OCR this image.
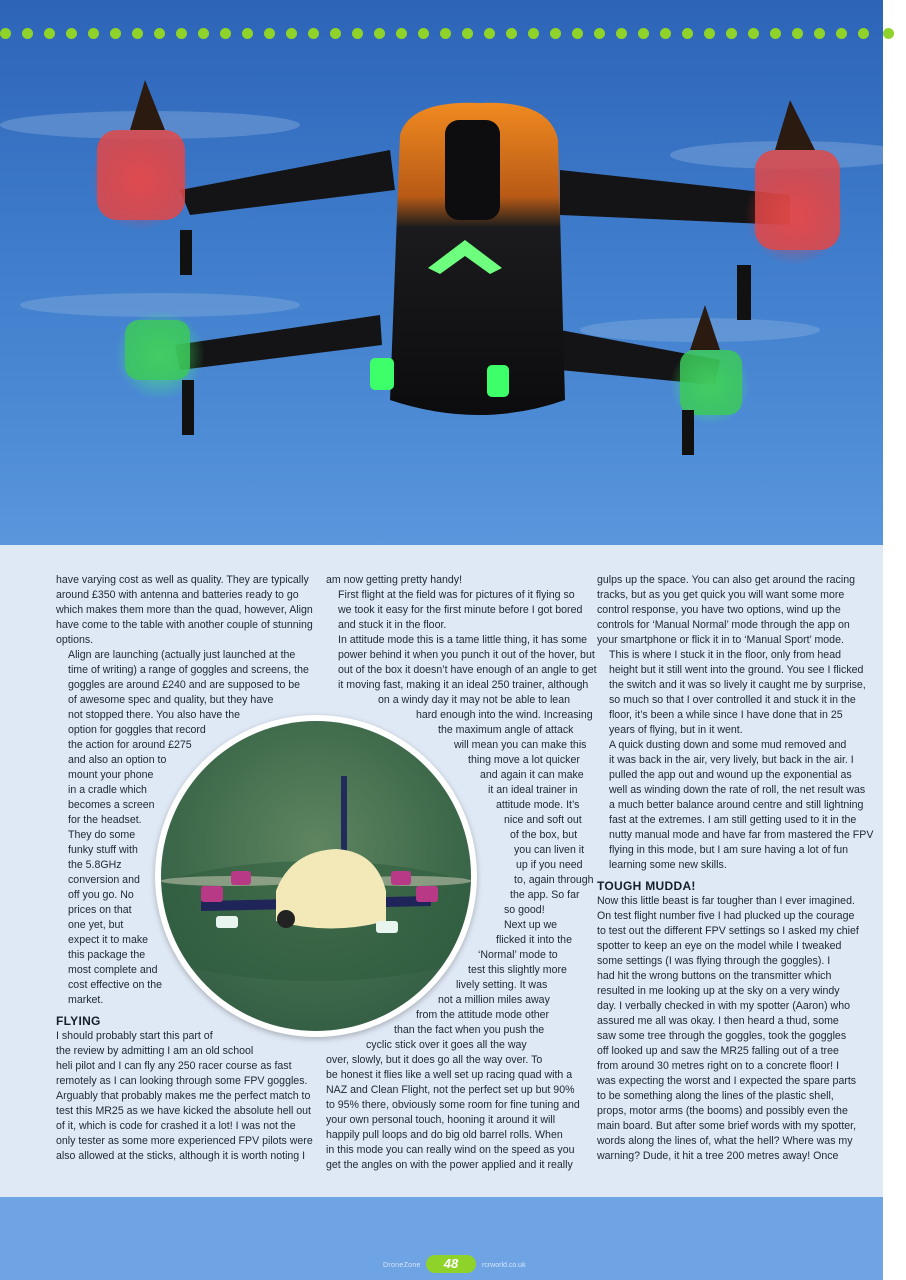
have varying cost as well as quality. They are typically
around £350 with antenna and batteries ready to go
which makes them more than the quad, however, Align
have come to the table with another couple of stunning
options.

Align are launching (actually just launched at the
time of writing) a range of goggles and screens, the
goggles are around £240 and are supposed to be
of awesome spec and quality, but they have
not stopped there. You also have the
option for goggles that record
the action for around £275
and also an option to
mount your phone
in a cradle which
becomes a screen
for the headset.
They do some
funky stuff with
the 5.8GHz
conversion and
off you go. No
prices on that
one yet, but
expect it to make
this package the
most complete and
cost effective on the
market.

FLYING

I should probably start this part of
the review by admitting I am an old school
heli pilot and I can fly any 250 racer course as fast
remotely as I can looking through some FPV goggles.
Arguably that probably makes me the perfect match to
test this MR25 as we have kicked the absolute hell out
of it, which is code for crashed it a lot! I was not the
only tester as some more experienced FPV pilots were
also allowed at the sticks, although it is worth noting I

am now getting pretty handy!

First flight at the field was for pictures of it flying so
we took it easy for the first minute before I got bored
and stuck it in the floor.

In attitude mode this is a tame little thing, it has some
power behind it when you punch it out of the hover, but
out of the box it doesn’t have enough of an angle to get
it moving fast, making it an ideal 250 trainer, although
on a windy day it may not be able to lean
hard enough into the wind. Increasing
the maximum angle of attack
will mean you can make this
thing move a lot quicker
and again it can make
it an ideal trainer in
attitude mode. It’s
nice and soft out
of the box, but
you can liven it
up if you need
to, again through
the app. So far
so good!

Next up we
flicked it into the
‘Normal’ mode to
test this slightly more
lively setting. It was
not a million miles away
from the attitude mode other
than the fact when you push the
cyclic stick over it goes all the way
over, slowly, but it does go all the way over. To
be honest it flies like a well set up racing quad with a
NAZ and Clean Flight, not the perfect set up but 90%
to 95% there, obviously some room for fine tuning and
your own personal touch, hooning it around it will
happily pull loops and do big old barrel rolls. When
in this mode you can really wind on the speed as you
get the angles on with the power applied and it really

gulps up the space. You can also get around the racing
tracks, but as you get quick you will want some more
control response, you have two options, wind up the
controls for ‘Manual Normal’ mode through the app on
your smartphone or flick it in to ‘Manual Sport’ mode.

This is where I stuck it in the floor, only from head
height but it still went into the ground. You see I flicked
the switch and it was so lively it caught me by surprise,
so much so that I over controlled it and stuck it in the
floor, it’s been a while since I have done that in 25
years of flying, but in it went.

A quick dusting down and some mud removed and
it was back in the air, very lively, but back in the air. I
pulled the app out and wound up the exponential as
well as winding down the rate of roll, the net result was
a much better balance around centre and still lightning
fast at the extremes. I am still getting used to it in the
nutty manual mode and have far from mastered the FPV
flying in this mode, but I am sure having a lot of fun
learning some new skills.

TOUGH MUDDA!

Now this little beast is far tougher than I ever imagined.
On test flight number five I had plucked up the courage
to test out the different FPV settings so I asked my chief
spotter to keep an eye on the model while I tweaked
some settings (I was flying through the goggles). I
had hit the wrong buttons on the transmitter which
resulted in me looking up at the sky on a very windy
day. I verbally checked in with my spotter (Aaron) who
assured me all was okay. I then heard a thud, some
saw some tree through the goggles, took the goggles
off looked up and saw the MR25 falling out of a tree
from around 30 metres right on to a concrete floor! I
was expecting the worst and I expected the spare parts
to be something along the lines of the plastic shell,
props, motor arms (the booms) and possibly even the
main board. But after some brief words with my spotter,
words along the lines of, what the hell? Where was my
warning? Dude, it hit a tree 200 metres away! Once

DroneZone	48	rcrworld.co.uk
